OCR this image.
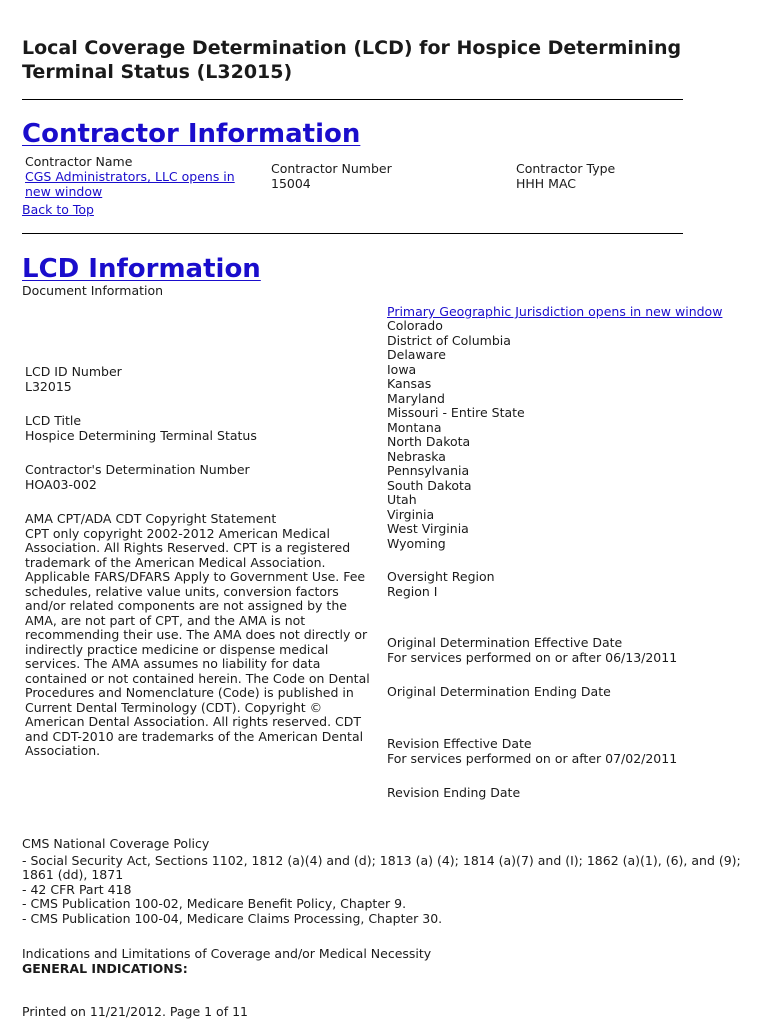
Local Coverage Determination (LCD) for Hospice Determining Terminal Status (L32015)
Contractor Information
Contractor Name
CGS Administrators, LLC opens in new window
Contractor Number
15004
Contractor Type
HHH MAC
Back to Top
LCD Information
Document Information
LCD ID Number
L32015
LCD Title
Hospice Determining Terminal Status
Contractor's Determination Number
HOA03-002
AMA CPT/ADA CDT Copyright Statement
CPT only copyright 2002-2012 American Medical Association. All Rights Reserved. CPT is a registered trademark of the American Medical Association. Applicable FARS/DFARS Apply to Government Use. Fee schedules, relative value units, conversion factors and/or related components are not assigned by the AMA, are not part of CPT, and the AMA is not recommending their use. The AMA does not directly or indirectly practice medicine or dispense medical services. The AMA assumes no liability for data contained or not contained herein. The Code on Dental Procedures and Nomenclature (Code) is published in Current Dental Terminology (CDT). Copyright © American Dental Association. All rights reserved. CDT and CDT-2010 are trademarks of the American Dental Association.
Primary Geographic Jurisdiction opens in new window
Colorado
District of Columbia
Delaware
Iowa
Kansas
Maryland
Missouri - Entire State
Montana
North Dakota
Nebraska
Pennsylvania
South Dakota
Utah
Virginia
West Virginia
Wyoming
Oversight Region
Region I
Original Determination Effective Date
For services performed on or after 06/13/2011
Original Determination Ending Date
Revision Effective Date
For services performed on or after 07/02/2011
Revision Ending Date
CMS National Coverage Policy
- Social Security Act, Sections 1102, 1812 (a)(4) and (d); 1813 (a) (4); 1814 (a)(7) and (I); 1862 (a)(1), (6), and (9); 1861 (dd), 1871
- 42 CFR Part 418
- CMS Publication 100-02, Medicare Benefit Policy, Chapter 9.
- CMS Publication 100-04, Medicare Claims Processing, Chapter 30.
Indications and Limitations of Coverage and/or Medical Necessity
GENERAL INDICATIONS:
Printed on 11/21/2012. Page 1 of 11
